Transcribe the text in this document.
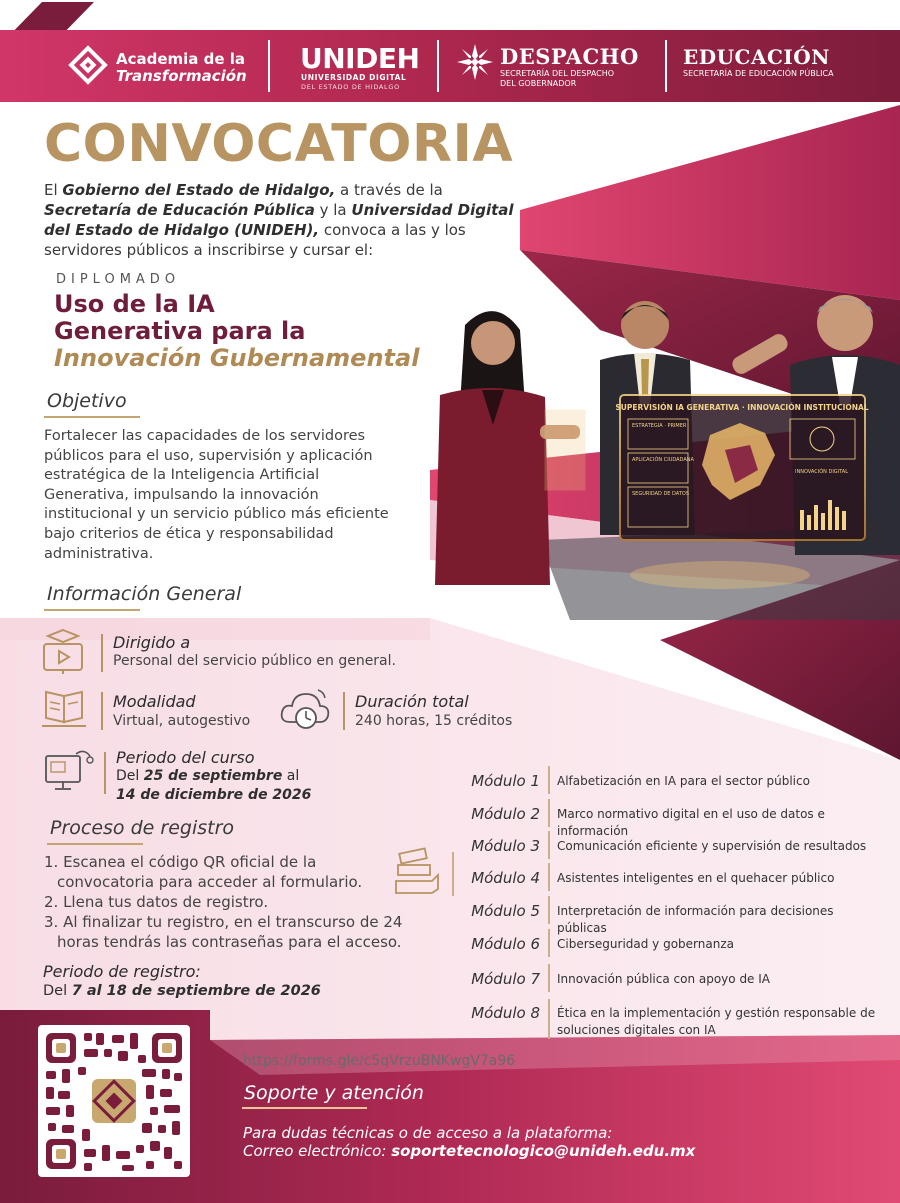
Academia de la
Transformación
UNIDEH
UNIVERSIDAD DIGITAL
DEL ESTADO DE HIDALGO
DESPACHO
SECRETARÍA DEL DESPACHO
DEL GOBERNADOR
EDUCACIÓN
SECRETARÍA DE EDUCACIÓN PÚBLICA
CONVOCATORIA
El Gobierno del Estado de Hidalgo, a través de la Secretaría de Educación Pública y la Universidad Digital del Estado de Hidalgo (UNIDEH), convoca a las y los servidores públicos a inscribirse y cursar el:
DIPLOMADO
Uso de la IA
Generativa para la
Innovación Gubernamental
SUPERVISIÓN IA GENERATIVA · INNOVACIÓN INSTITUCIONAL
ESTRATEGIA · PRIMER
APLICACIÓN CIUDADANA
SEGURIDAD DE DATOS
INNOVACIÓN DIGITAL
Objetivo
Fortalecer las capacidades de los servidores públicos para el uso, supervisión y aplicación estratégica de la Inteligencia Artificial Generativa, impulsando la innovación institucional y un servicio público más eficiente bajo criterios de ética y responsabilidad administrativa.
Información General
Dirigido a
Personal del servicio público en general.
Modalidad
Virtual, autogestivo
Duración total
240 horas, 15 créditos
Periodo del curso
Del 25 de septiembre al
14 de diciembre de 2026
Proceso de registro
1. Escanea el código QR oficial de la convocatoria para acceder al formulario.
2. Llena tus datos de registro.
3. Al finalizar tu registro, en el transcurso de 24 horas tendrás las contraseñas para el acceso.
Periodo de registro:
Del 7 al 18 de septiembre de 2026
Módulo 1 Alfabetización en IA para el sector público
Módulo 2 Marco normativo digital en el uso de datos e información
Módulo 3 Comunicación eficiente y supervisión de resultados
Módulo 4 Asistentes inteligentes en el quehacer público
Módulo 5 Interpretación de información para decisiones públicas
Módulo 6 Ciberseguridad y gobernanza
Módulo 7 Innovación pública con apoyo de IA
Módulo 8 Ética en la implementación y gestión responsable de soluciones digitales con IA
https://forms.gle/c5qVrzuBNKwgV7a96
Soporte y atención
Para dudas técnicas o de acceso a la plataforma:
Correo electrónico: soportetecnologico@unideh.edu.mx
